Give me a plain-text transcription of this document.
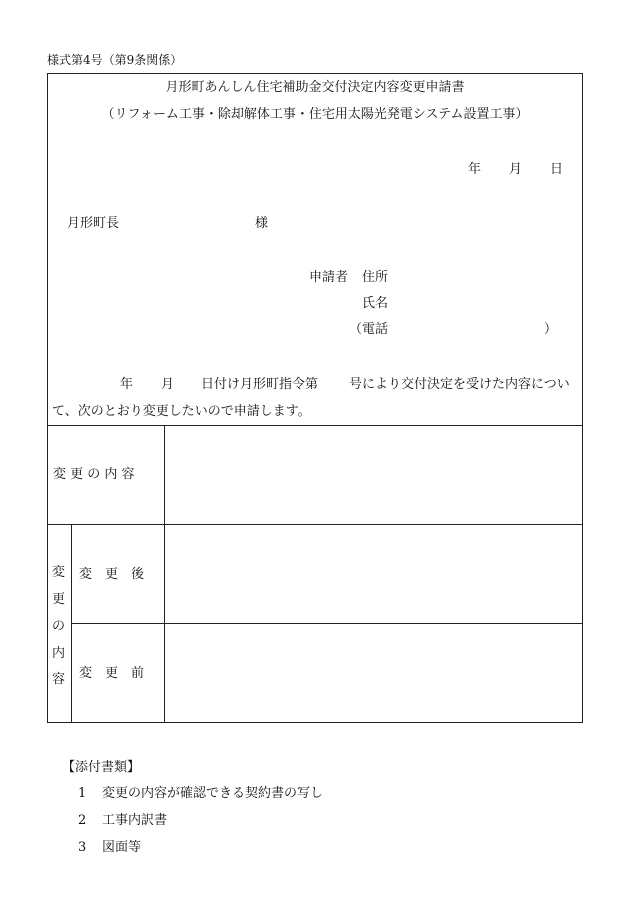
様式第4号（第9条関係）
月形町あんしん住宅補助金交付決定内容変更申請書
（リフォーム工事・除却解体工事・住宅用太陽光発電システム設置工事）
年 月 日
月形町長	様
申請者 住所
氏名
（電話	）
年 月 日付け月形町指令第 号により交付決定を受けた内容につい
て、次のとおり変更したいので申請します。
変 更 の 内 容
変
更
の
内
容
変　更　後
変　更　前
【添付書類】
1 変更の内容が確認できる契約書の写し
2 工事内訳書
3 図面等
